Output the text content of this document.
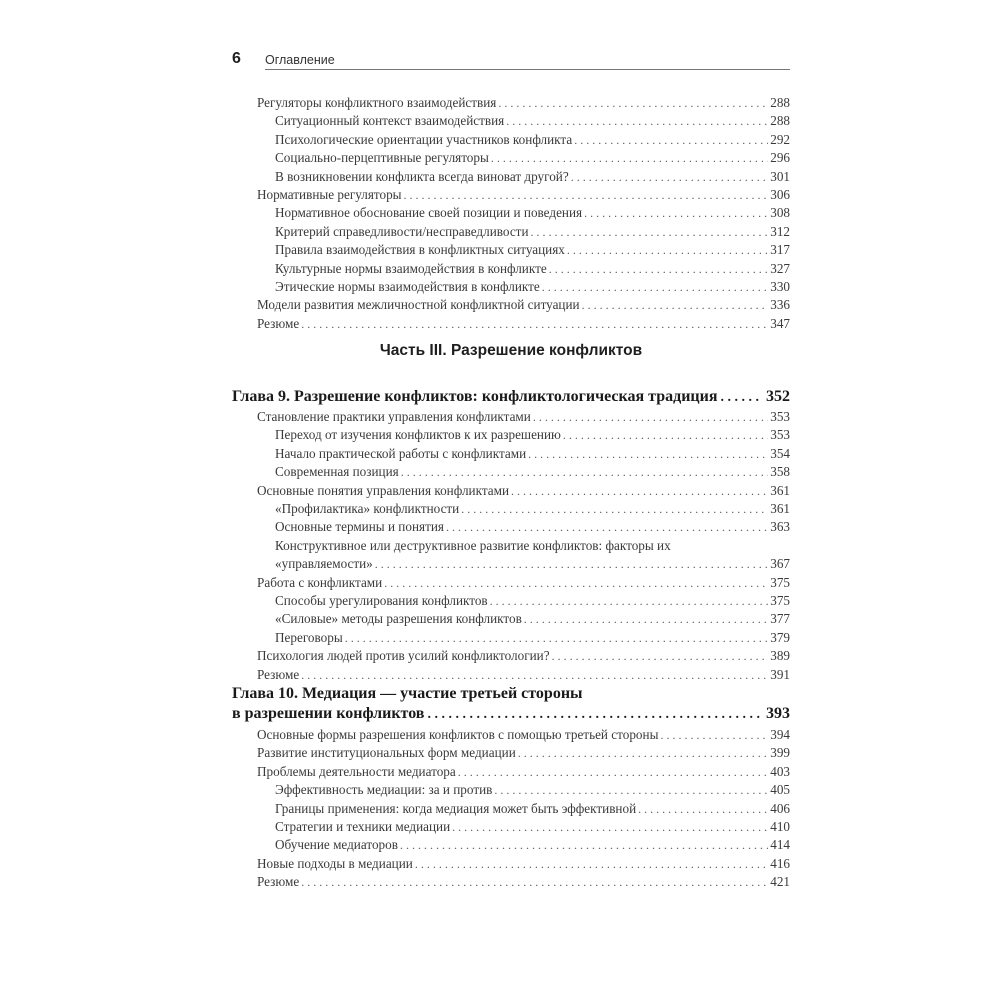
6 Оглавление
Регуляторы конфликтного взаимодействия . . .	288
Ситуационный контекст взаимодействия . . .	288
Психологические ориентации участников конфликта . . .	292
Социально-перцептивные регуляторы . . .	296
В возникновении конфликта всегда виноват другой? . . .	301
Нормативные регуляторы . . .	306
Нормативное обоснование своей позиции и поведения . . .	308
Критерий справедливости/несправедливости . . .	312
Правила взаимодействия в конфликтных ситуациях . . .	317
Культурные нормы взаимодействия в конфликте . . .	327
Этические нормы взаимодействия в конфликте . . .	330
Модели развития межличностной конфликтной ситуации . . .	336
Резюме . . .	347
Часть III. Разрешение конфликтов
Глава 9. Разрешение конфликтов: конфликтологическая традиция . . .	352
Становление практики управления конфликтами . . .	353
Переход от изучения конфликтов к их разрешению . . .	353
Начало практической работы с конфликтами . . .	354
Современная позиция . . .	358
Основные понятия управления конфликтами . . .	361
«Профилактика» конфликтности . . .	361
Основные термины и понятия . . .	363
Конструктивное или деструктивное развитие конфликтов: факторы их
«управляемости» . . .	367
Работа с конфликтами . . .	375
Способы урегулирования конфликтов . . .	375
«Силовые» методы разрешения конфликтов . . .	377
Переговоры . . .	379
Психология людей против усилий конфликтологии? . . .	389
Резюме . . .	391
Глава 10. Медиация — участие третьей стороны
в разрешении конфликтов . . .	393
Основные формы разрешения конфликтов с помощью третьей стороны . . .	394
Развитие институциональных форм медиации . . .	399
Проблемы деятельности медиатора . . .	403
Эффективность медиации: за и против . . .	405
Границы применения: когда медиация может быть эффективной . . .	406
Стратегии и техники медиации . . .	410
Обучение медиаторов . . .	414
Новые подходы в медиации . . .	416
Резюме . . .	421
